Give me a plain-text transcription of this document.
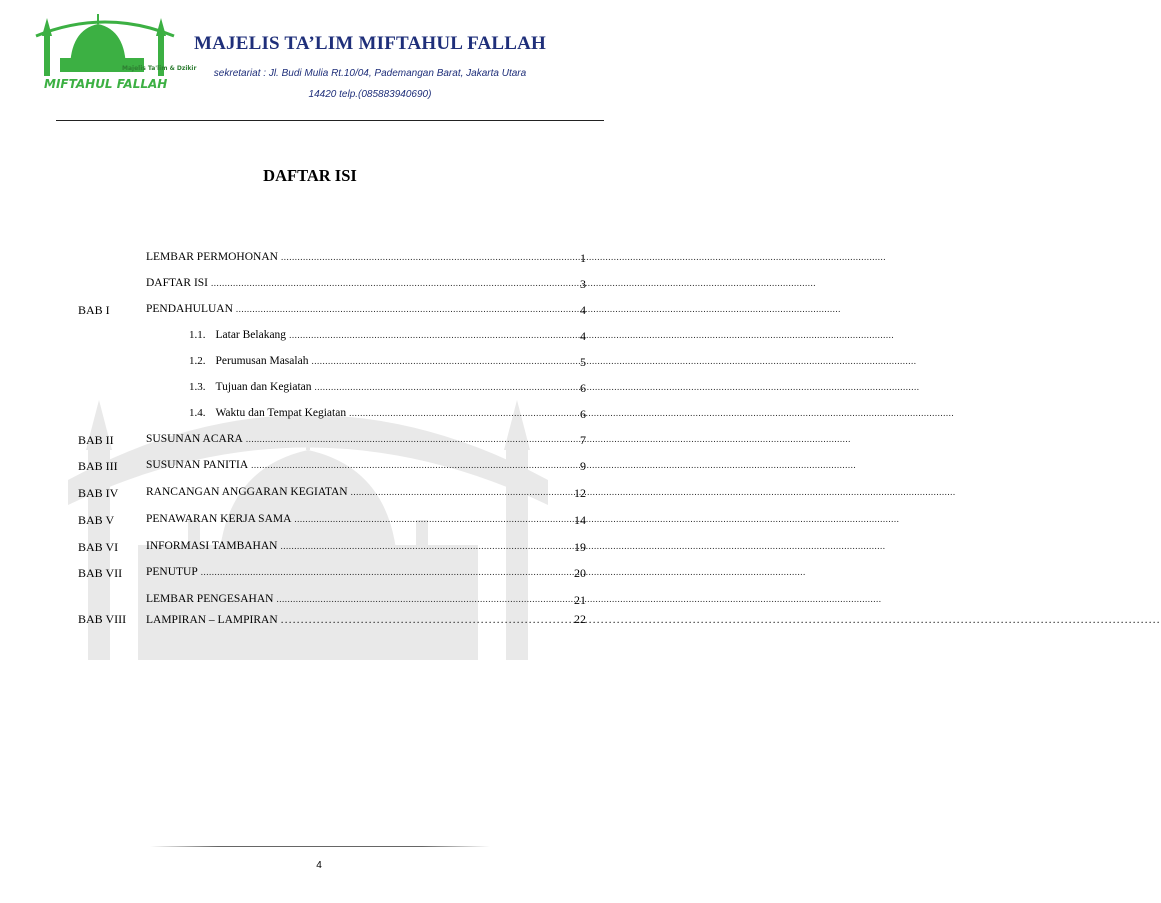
Majelis Ta'lim & Dzikir
MIFTAHUL FALLAH
MAJELIS TA’LIM MIFTAHUL FALLAH
sekretariat : Jl. Budi Mulia Rt.10/04, Pademangan Barat, Jakarta Utara
14420 telp.(085883940690)
DAFTAR ISI
LEMBAR PERMOHONAN .....	1
DAFTAR ISI .....	3
BAB I	PENDAHULUAN .....	4
1.1. Latar Belakang .....	4
1.2. Perumusan Masalah .....	5
1.3. Tujuan dan Kegiatan .....	6
1.4. Waktu dan Tempat Kegiatan .....	6
BAB II	SUSUNAN ACARA .....	7
BAB III SUSUNAN PANITIA .....	9
BAB IV RANCANGAN ANGGARAN KEGIATAN .....	12
BAB V	PENAWARAN KERJA SAMA .....	14
BAB VI INFORMASI TAMBAHAN .....	19
BAB VII PENUTUP .....	20
LEMBAR PENGESAHAN .....	21
BAB VIII LAMPIRAN – LAMPIRAN .....	22
4
